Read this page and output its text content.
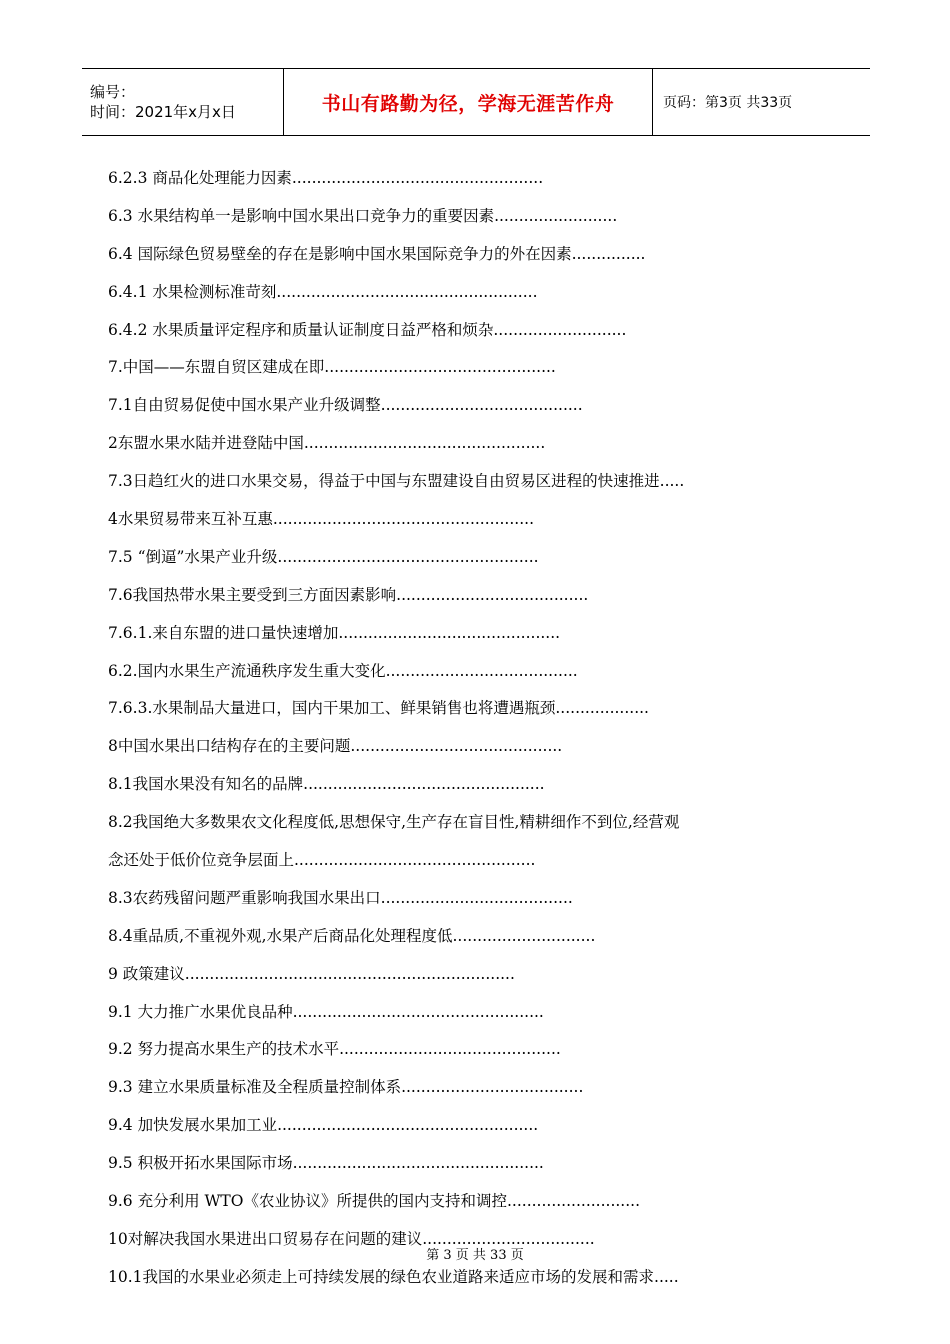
编号：
时间：2021年x月x日	书山有路勤为径，学海无涯苦作舟	页码：第3页 共33页
6.2.3 商品化处理能力因素...................................................
6.3 水果结构单一是影响中国水果出口竞争力的重要因素.........................
6.4 国际绿色贸易壁垒的存在是影响中国水果国际竞争力的外在因素...............
6.4.1 水果检测标准苛刻.....................................................
6.4.2 水果质量评定程序和质量认证制度日益严格和烦杂...........................
7.中国——东盟自贸区建成在即...............................................
7.1自由贸易促使中国水果产业升级调整.........................................
2东盟水果水陆并进登陆中国.................................................
7.3日趋红火的进口水果交易，得益于中国与东盟建设自由贸易区进程的快速推进.....
4水果贸易带来互补互惠.....................................................
7.5 “倒逼”水果产业升级.....................................................
7.6我国热带水果主要受到三方面因素影响.......................................
7.6.1.来自东盟的进口量快速增加.............................................
6.2.国内水果生产流通秩序发生重大变化.......................................
7.6.3.水果制品大量进口，国内干果加工、鲜果销售也将遭遇瓶颈...................
8中国水果出口结构存在的主要问题...........................................
8.1我国水果没有知名的品牌.................................................
8.2我国绝大多数果农文化程度低,思想保守,生产存在盲目性,精耕细作不到位,经营观
念还处于低价位竞争层面上.................................................
8.3农药残留问题严重影响我国水果出口.......................................
8.4重品质,不重视外观,水果产后商品化处理程度低.............................
9 政策建议...................................................................
9.1 大力推广水果优良品种...................................................
9.2 努力提高水果生产的技术水平.............................................
9.3 建立水果质量标准及全程质量控制体系.....................................
9.4 加快发展水果加工业.....................................................
9.5 积极开拓水果国际市场...................................................
9.6 充分利用 WTO《农业协议》所提供的国内支持和调控...........................
10对解决我国水果进出口贸易存在问题的建议...................................
10.1我国的水果业必须走上可持续发展的绿色农业道路来适应市场的发展和需求.....
第 3 页 共 33 页
